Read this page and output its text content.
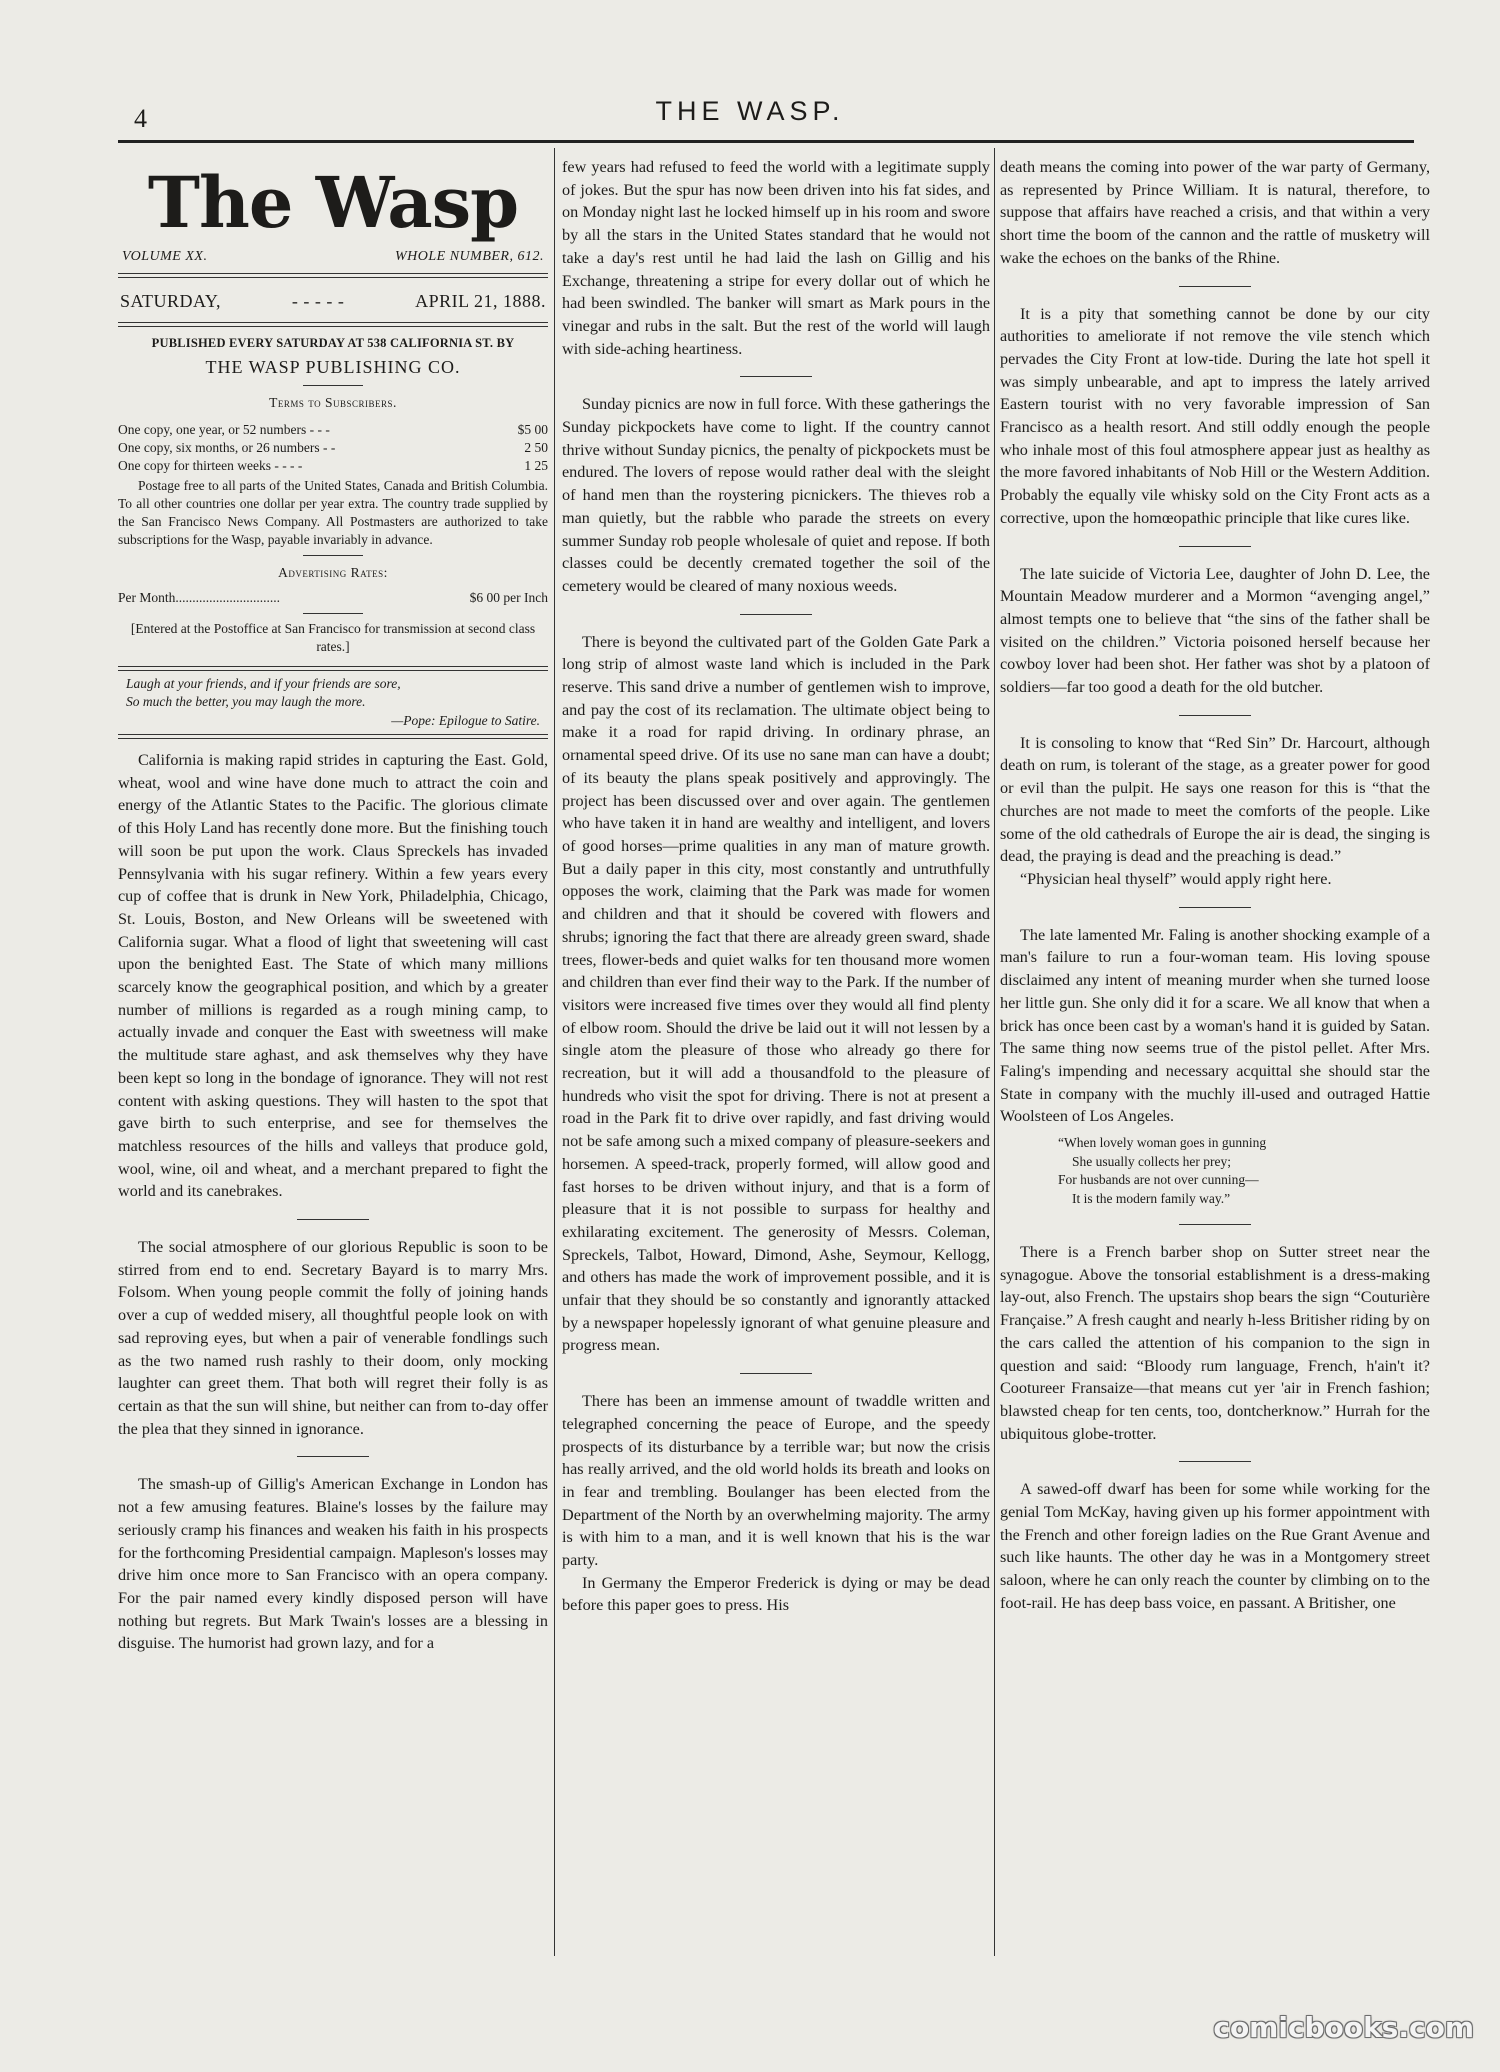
4	THE WASP.
The Wasp
VOLUME XX.	WHOLE NUMBER, 612.
SATURDAY,	- - - - -	APRIL 21, 1888.
PUBLISHED EVERY SATURDAY AT 538 CALIFORNIA ST. BY
THE WASP PUBLISHING CO.
Terms to Subscribers.
One copy, one year, or 52 numbers - - -	$5 00
One copy, six months, or 26 numbers - -	2 50
One copy for thirteen weeks - - - -	1 25
Postage free to all parts of the United States, Canada and British Columbia. To all other countries one dollar per year extra. The country trade supplied by the San Francisco News Company. All Postmasters are authorized to take subscriptions for the Wasp, payable invariably in advance.
Advertising Rates:
Per Month...............................	$6 00 per Inch
[Entered at the Postoffice at San Francisco for transmission at second class rates.]
Laugh at your friends, and if your friends are sore,
So much the better, you may laugh the more.
—Pope: Epilogue to Satire.

California is making rapid strides in capturing the East. Gold, wheat, wool and wine have done much to attract the coin and energy of the Atlantic States to the Pacific. The glorious climate of this Holy Land has recently done more. But the finishing touch will soon be put upon the work. Claus Spreckels has invaded Pennsylvania with his sugar refinery. Within a few years every cup of coffee that is drunk in New York, Philadelphia, Chicago, St. Louis, Boston, and New Orleans will be sweetened with California sugar. What a flood of light that sweetening will cast upon the benighted East. The State of which many millions scarcely know the geographical position, and which by a greater number of millions is regarded as a rough mining camp, to actually invade and conquer the East with sweetness will make the multitude stare aghast, and ask themselves why they have been kept so long in the bondage of ignorance. They will not rest content with asking questions. They will hasten to the spot that gave birth to such enterprise, and see for themselves the matchless resources of the hills and valleys that produce gold, wool, wine, oil and wheat, and a merchant prepared to fight the world and its canebrakes.

The social atmosphere of our glorious Republic is soon to be stirred from end to end. Secretary Bayard is to marry Mrs. Folsom. When young people commit the folly of joining hands over a cup of wedded misery, all thoughtful people look on with sad reproving eyes, but when a pair of venerable fondlings such as the two named rush rashly to their doom, only mocking laughter can greet them. That both will regret their folly is as certain as that the sun will shine, but neither can from to-day offer the plea that they sinned in ignorance.

The smash-up of Gillig's American Exchange in London has not a few amusing features. Blaine's losses by the failure may seriously cramp his finances and weaken his faith in his prospects for the forthcoming Presidential campaign. Mapleson's losses may drive him once more to San Francisco with an opera company. For the pair named every kindly disposed person will have nothing but regrets. But Mark Twain's losses are a blessing in disguise. The humorist had grown lazy, and for a

few years had refused to feed the world with a legitimate supply of jokes. But the spur has now been driven into his fat sides, and on Monday night last he locked himself up in his room and swore by all the stars in the United States standard that he would not take a day's rest until he had laid the lash on Gillig and his Exchange, threatening a stripe for every dollar out of which he had been swindled. The banker will smart as Mark pours in the vinegar and rubs in the salt. But the rest of the world will laugh with side-aching heartiness.

Sunday picnics are now in full force. With these gatherings the Sunday pickpockets have come to light. If the country cannot thrive without Sunday picnics, the penalty of pickpockets must be endured. The lovers of repose would rather deal with the sleight of hand men than the roystering picnickers. The thieves rob a man quietly, but the rabble who parade the streets on every summer Sunday rob people wholesale of quiet and repose. If both classes could be decently cremated together the soil of the cemetery would be cleared of many noxious weeds.

There is beyond the cultivated part of the Golden Gate Park a long strip of almost waste land which is included in the Park reserve. This sand drive a number of gentlemen wish to improve, and pay the cost of its reclamation. The ultimate object being to make it a road for rapid driving. In ordinary phrase, an ornamental speed drive. Of its use no sane man can have a doubt; of its beauty the plans speak positively and approvingly. The project has been discussed over and over again. The gentlemen who have taken it in hand are wealthy and intelligent, and lovers of good horses—prime qualities in any man of mature growth. But a daily paper in this city, most constantly and untruthfully opposes the work, claiming that the Park was made for women and children and that it should be covered with flowers and shrubs; ignoring the fact that there are already green sward, shade trees, flower-beds and quiet walks for ten thousand more women and children than ever find their way to the Park. If the number of visitors were increased five times over they would all find plenty of elbow room. Should the drive be laid out it will not lessen by a single atom the pleasure of those who already go there for recreation, but it will add a thousandfold to the pleasure of hundreds who visit the spot for driving. There is not at present a road in the Park fit to drive over rapidly, and fast driving would not be safe among such a mixed company of pleasure-seekers and horsemen. A speed-track, properly formed, will allow good and fast horses to be driven without injury, and that is a form of pleasure that it is not possible to surpass for healthy and exhilarating excitement. The generosity of Messrs. Coleman, Spreckels, Talbot, Howard, Dimond, Ashe, Seymour, Kellogg, and others has made the work of improvement possible, and it is unfair that they should be so constantly and ignorantly attacked by a newspaper hopelessly ignorant of what genuine pleasure and progress mean.

There has been an immense amount of twaddle written and telegraphed concerning the peace of Europe, and the speedy prospects of its disturbance by a terrible war; but now the crisis has really arrived, and the old world holds its breath and looks on in fear and trembling. Boulanger has been elected from the Department of the North by an overwhelming majority. The army is with him to a man, and it is well known that his is the war party.

In Germany the Emperor Frederick is dying or may be dead before this paper goes to press. His

death means the coming into power of the war party of Germany, as represented by Prince William. It is natural, therefore, to suppose that affairs have reached a crisis, and that within a very short time the boom of the cannon and the rattle of musketry will wake the echoes on the banks of the Rhine.

It is a pity that something cannot be done by our city authorities to ameliorate if not remove the vile stench which pervades the City Front at low-tide. During the late hot spell it was simply unbearable, and apt to impress the lately arrived Eastern tourist with no very favorable impression of San Francisco as a health resort. And still oddly enough the people who inhale most of this foul atmosphere appear just as healthy as the more favored inhabitants of Nob Hill or the Western Addition. Probably the equally vile whisky sold on the City Front acts as a corrective, upon the homœopathic principle that like cures like.

The late suicide of Victoria Lee, daughter of John D. Lee, the Mountain Meadow murderer and a Mormon “avenging angel,” almost tempts one to believe that “the sins of the father shall be visited on the children.” Victoria poisoned herself because her cowboy lover had been shot. Her father was shot by a platoon of soldiers—far too good a death for the old butcher.

It is consoling to know that “Red Sin” Dr. Harcourt, although death on rum, is tolerant of the stage, as a greater power for good or evil than the pulpit. He says one reason for this is “that the churches are not made to meet the comforts of the people. Like some of the old cathedrals of Europe the air is dead, the singing is dead, the praying is dead and the preaching is dead.”

“Physician heal thyself” would apply right here.

The late lamented Mr. Faling is another shocking example of a man's failure to run a four-woman team. His loving spouse disclaimed any intent of meaning murder when she turned loose her little gun. She only did it for a scare. We all know that when a brick has once been cast by a woman's hand it is guided by Satan. The same thing now seems true of the pistol pellet. After Mrs. Faling's impending and necessary acquittal she should star the State in company with the muchly ill-used and outraged Hattie Woolsteen of Los Angeles.

“When lovely woman goes in gunning
She usually collects her prey;
For husbands are not over cunning—
It is the modern family way.”

There is a French barber shop on Sutter street near the synagogue. Above the tonsorial establishment is a dress-making lay-out, also French. The upstairs shop bears the sign “Couturière Française.” A fresh caught and nearly h-less Britisher riding by on the cars called the attention of his companion to the sign in question and said: “Bloody rum language, French, h'ain't it? Cootureer Fransaize—that means cut yer 'air in French fashion; blawsted cheap for ten cents, too, dontcherknow.” Hurrah for the ubiquitous globe-trotter.

A sawed-off dwarf has been for some while working for the genial Tom McKay, having given up his former appointment with the French and other foreign ladies on the Rue Grant Avenue and such like haunts. The other day he was in a Montgomery street saloon, where he can only reach the counter by climbing on to the foot-rail. He has deep bass voice, en passant. A Britisher, one

comicbooks.com
